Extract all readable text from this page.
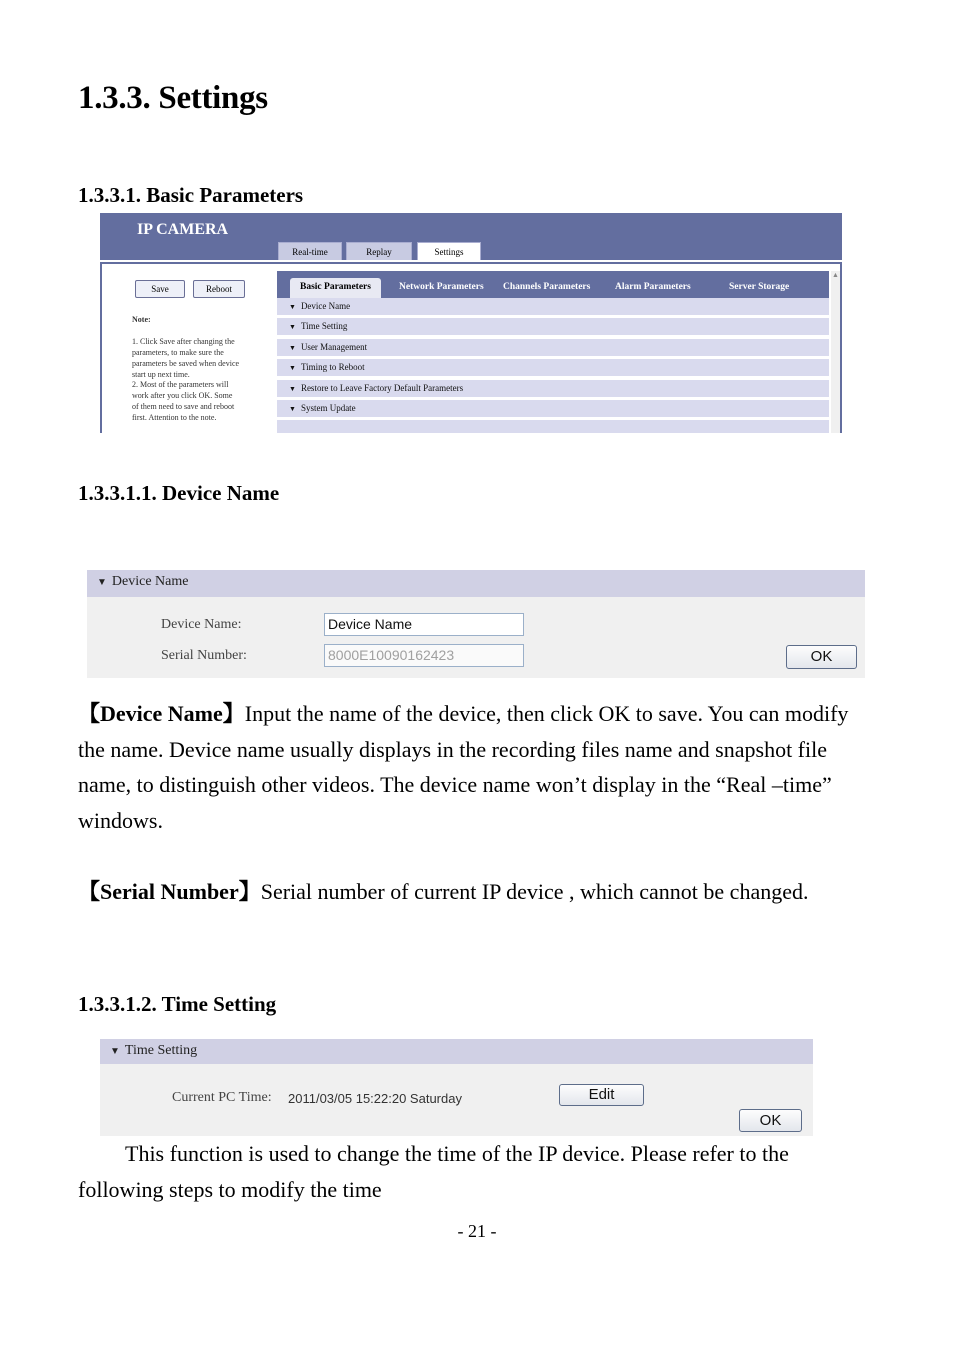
1.3.3. Settings
1.3.3.1. Basic Parameters
IP CAMERA
Real-time	Replay	Settings
Save	Reboot
Note:
1. Click Save after changing the
parameters, to make sure the
parameters be saved when device
start up next time.
2. Most of the parameters will
work after you click OK. Some
of them need to save and reboot
first. Attention to the note.
Basic Parameters	Network Parameters Channels Parameters	Alarm Parameters	Server Storage
▼ Device Name
▼ Time Setting
▼ User Management
▼ Timing to Reboot
▼ Restore to Leave Factory Default Parameters
▼ System Update
▲
1.3.3.1.1. Device Name
▼ Device Name
Device Name:	Device Name
Serial Number:	8000E10090162423	OK
【Device Name】Input the name of the device, then click OK to save. You can modify the name. Device name usually displays in the recording files name and snapshot file name, to distinguish other videos. The device name won’t display in the “Real –time” windows.
【Serial Number】Serial number of current IP device , which cannot be changed.
1.3.3.1.2. Time Setting
▼ Time Setting
Current PC Time: 2011/03/05 15:22:20 Saturday	Edit
OK
This function is used to change the time of the IP device. Please refer to the following steps to modify the time
- 21 -
